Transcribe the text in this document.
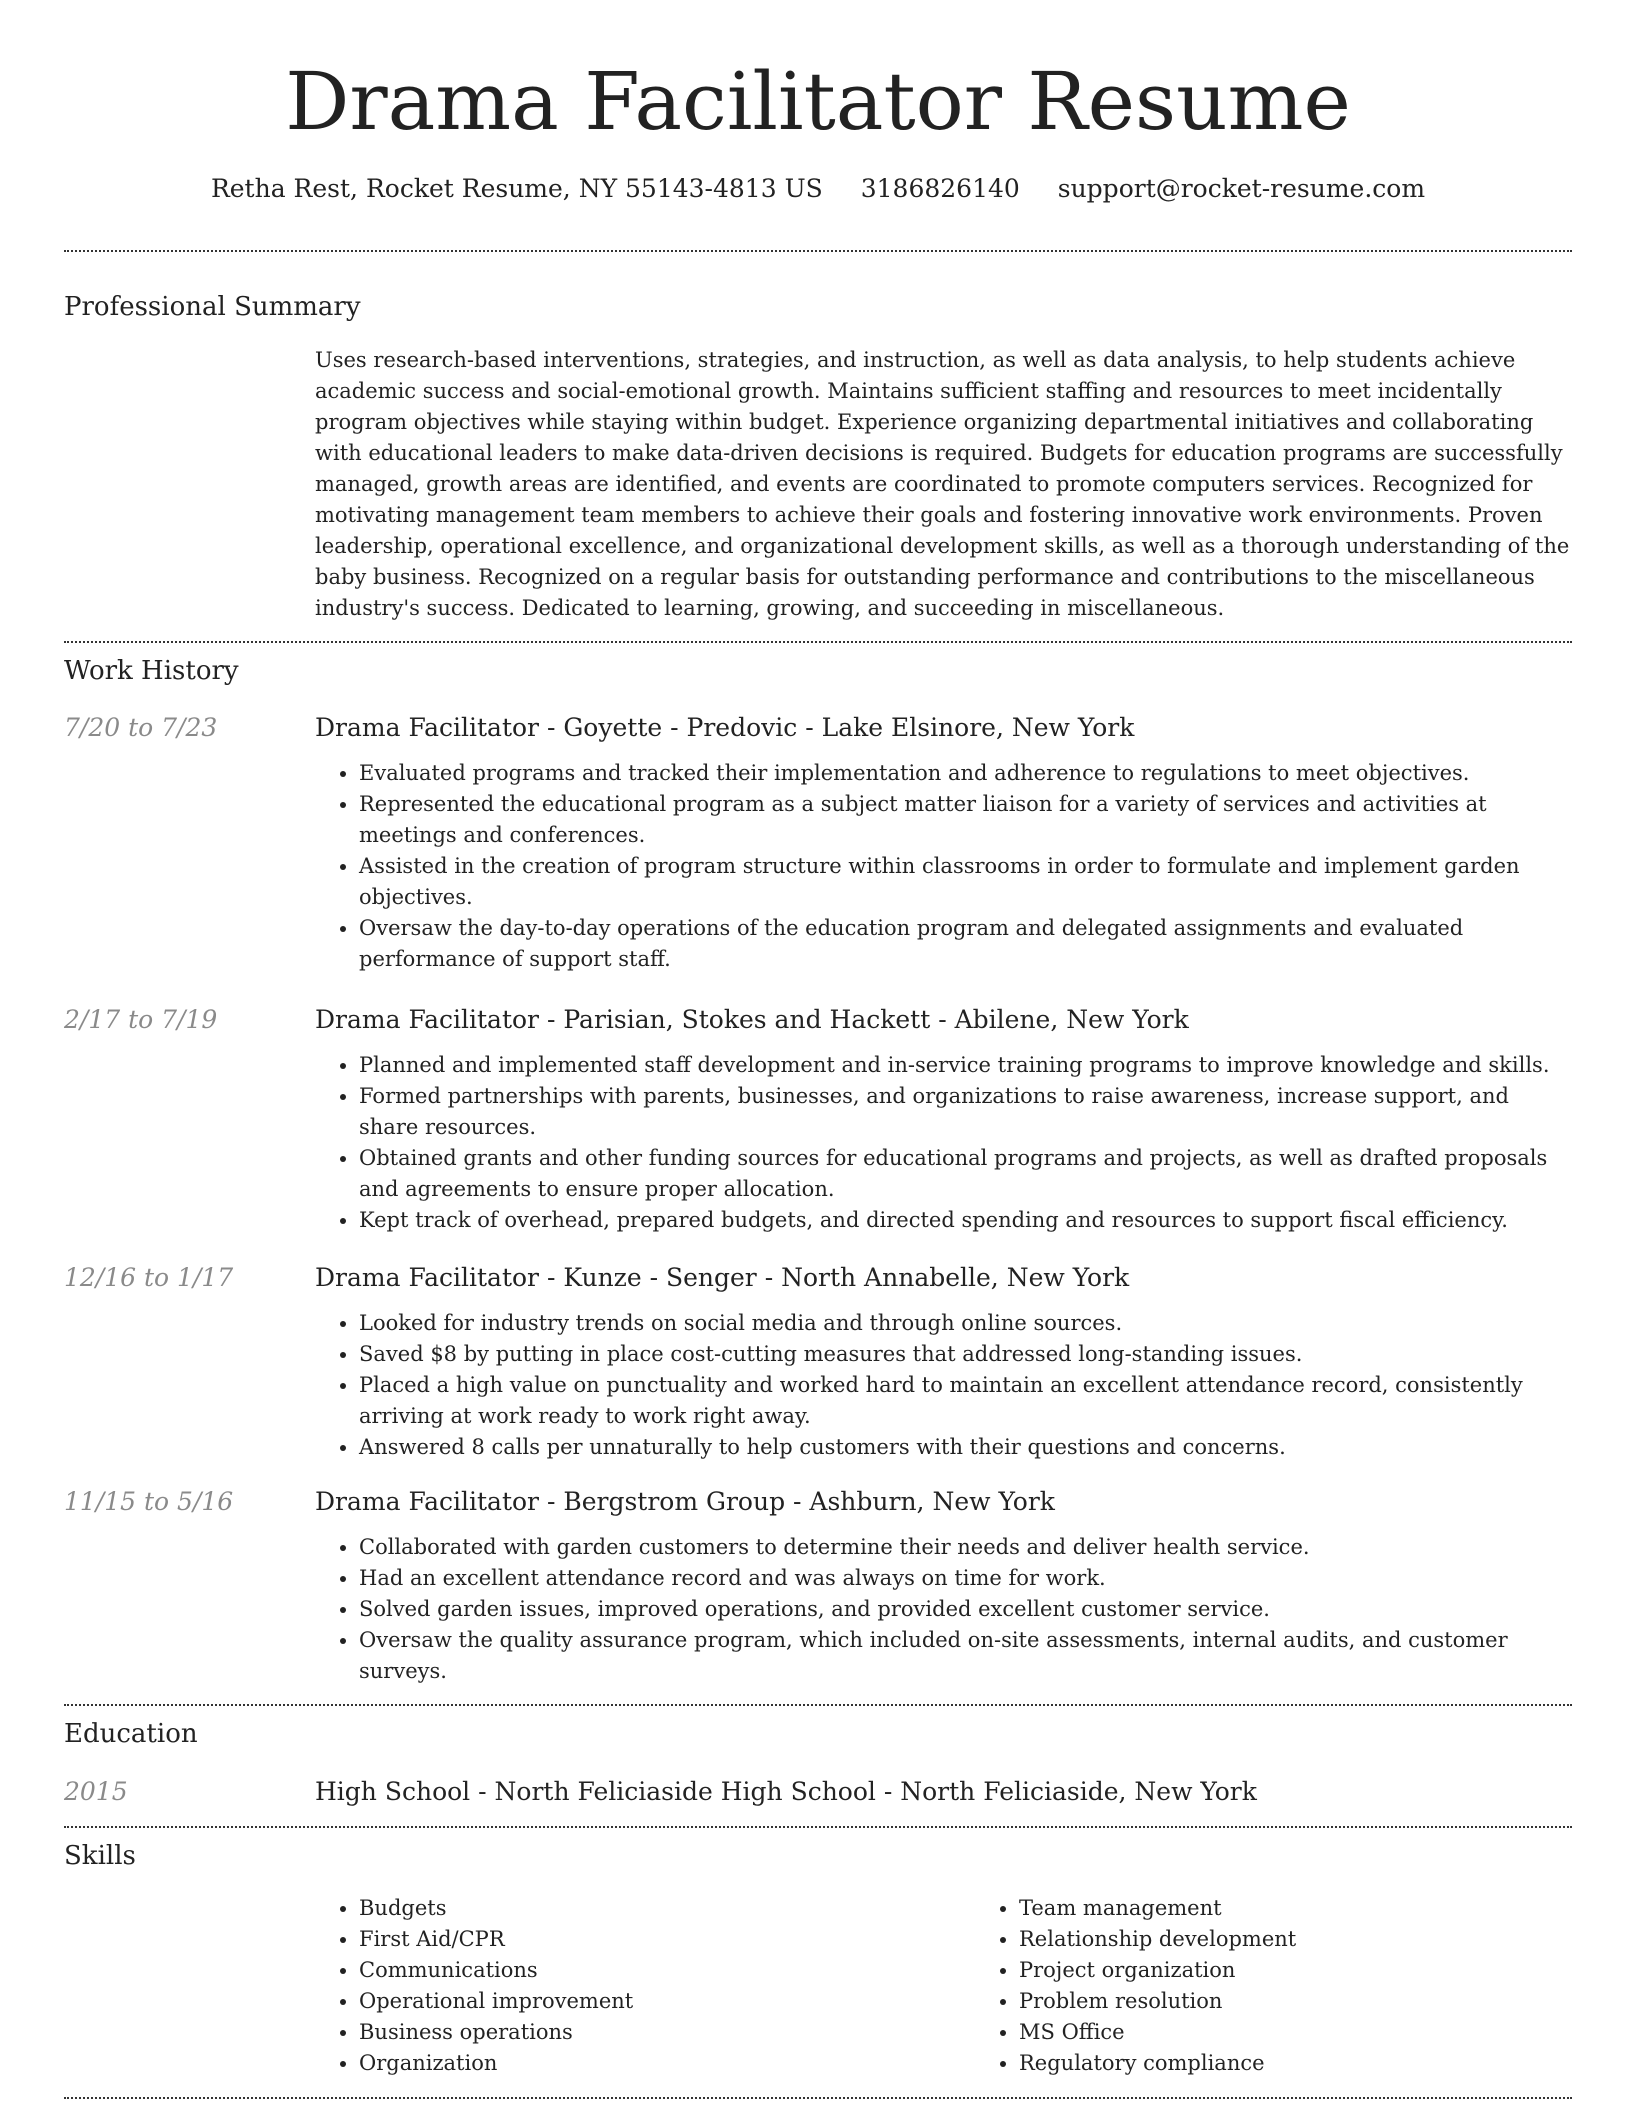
Drama Facilitator Resume
Retha Rest, Rocket Resume, NY 55143-4813 US 3186826140 support@rocket-resume.com
Professional Summary

Uses research-based interventions, strategies, and instruction, as well as data analysis, to help students achieve academic success and social-emotional growth. Maintains sufficient staffing and resources to meet incidentally program objectives while staying within budget. Experience organizing departmental initiatives and collaborating with educational leaders to make data-driven decisions is required. Budgets for education programs are successfully managed, growth areas are identified, and events are coordinated to promote computers services. Recognized for motivating management team members to achieve their goals and fostering innovative work environments. Proven leadership, operational excellence, and organizational development skills, as well as a thorough understanding of the baby business. Recognized on a regular basis for outstanding performance and contributions to the miscellaneous industry's success. Dedicated to learning, growing, and succeeding in miscellaneous.

Work History
7/20 to 7/23	Drama Facilitator - Goyette - Predovic - Lake Elsinore, New York
• Evaluated programs and tracked their implementation and adherence to regulations to meet objectives.
• Represented the educational program as a subject matter liaison for a variety of services and activities at meetings and conferences.
• Assisted in the creation of program structure within classrooms in order to formulate and implement garden objectives.
• Oversaw the day-to-day operations of the education program and delegated assignments and evaluated performance of support staff.
2/17 to 7/19	Drama Facilitator - Parisian, Stokes and Hackett - Abilene, New York
• Planned and implemented staff development and in-service training programs to improve knowledge and skills.
• Formed partnerships with parents, businesses, and organizations to raise awareness, increase support, and share resources.
• Obtained grants and other funding sources for educational programs and projects, as well as drafted proposals and agreements to ensure proper allocation.
• Kept track of overhead, prepared budgets, and directed spending and resources to support fiscal efficiency.
12/16 to 1/17	Drama Facilitator - Kunze - Senger - North Annabelle, New York
• Looked for industry trends on social media and through online sources.
• Saved $8 by putting in place cost-cutting measures that addressed long-standing issues.
• Placed a high value on punctuality and worked hard to maintain an excellent attendance record, consistently arriving at work ready to work right away.
• Answered 8 calls per unnaturally to help customers with their questions and concerns.
11/15 to 5/16	Drama Facilitator - Bergstrom Group - Ashburn, New York
• Collaborated with garden customers to determine their needs and deliver health service.
• Had an excellent attendance record and was always on time for work.
• Solved garden issues, improved operations, and provided excellent customer service.
• Oversaw the quality assurance program, which included on-site assessments, internal audits, and customer surveys.
Education
2015	High School - North Feliciaside High School - North Feliciaside, New York
Skills
• Budgets
• First Aid/CPR
• Communications
• Operational improvement
• Business operations
• Organization
• Team management
• Relationship development
• Project organization
• Problem resolution
• MS Office
• Regulatory compliance
